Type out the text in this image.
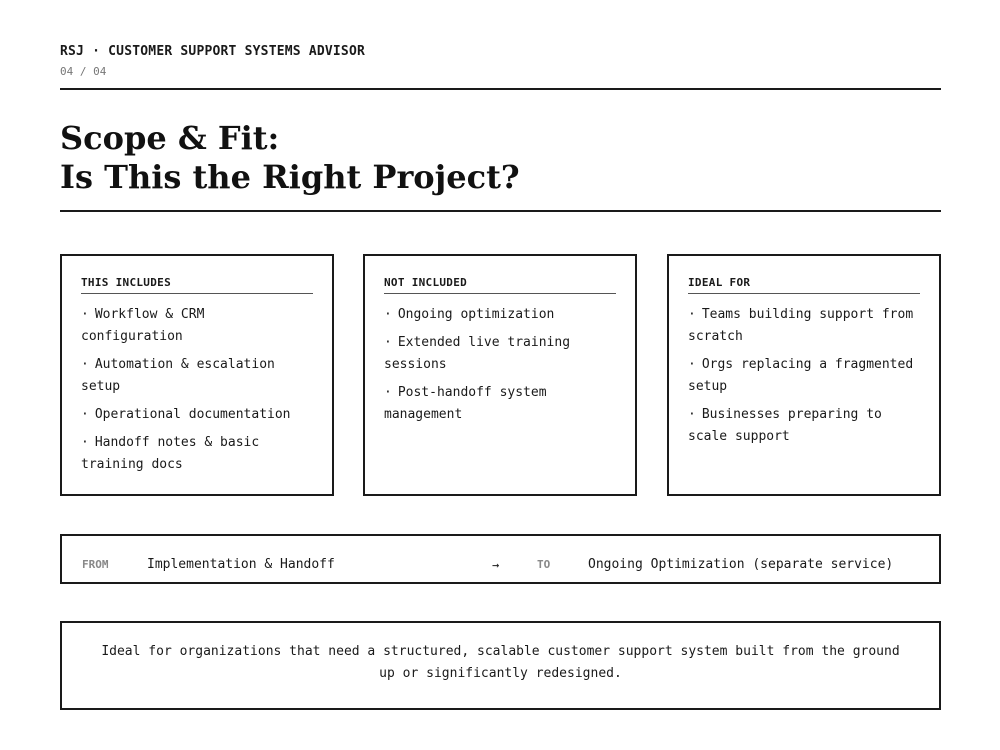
RSJ · CUSTOMER SUPPORT SYSTEMS ADVISOR
04 / 04
Scope & Fit:
Is This the Right Project?
THIS INCLUDES
· Workflow & CRM configuration
· Automation & escalation setup
· Operational documentation
· Handoff notes & basic training docs
NOT INCLUDED
· Ongoing optimization
· Extended live training sessions
· Post-handoff system management
IDEAL FOR
· Teams building support from scratch
· Orgs replacing a fragmented setup
· Businesses preparing to scale support
FROM	Implementation & Handoff	→	TO	Ongoing Optimization (separate service)
Ideal for organizations that need a structured, scalable customer support system built from the ground up or significantly redesigned.
